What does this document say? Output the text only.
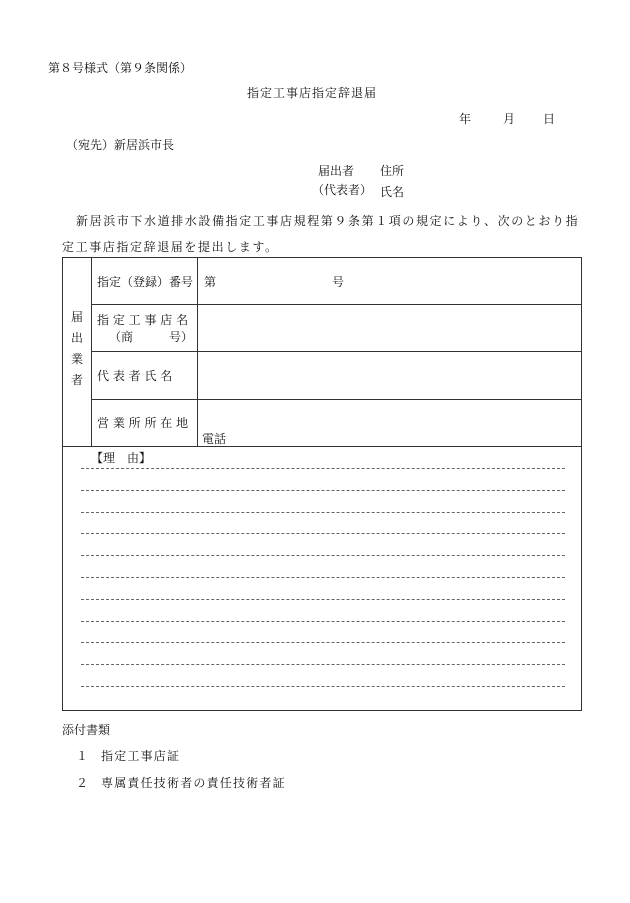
第８号様式（第９条関係）
指定工事店指定辞退届
年	月 日
（宛先）新居浜市長
届出者
（代表者）
住所
氏名
新居浜市下水道排水設備指定工事店規程第９条第１項の規定により、次のとおり指
定工事店指定辞退届を提出します。
届
出
業
者
指定（登録）番号 第	号
指 定 工 事 店 名
（商　　　号）
代 表 者 氏 名
営 業 所 所 在 地
電話
【理　由】
添付書類
１ 指定工事店証
２ 専属責任技術者の責任技術者証
